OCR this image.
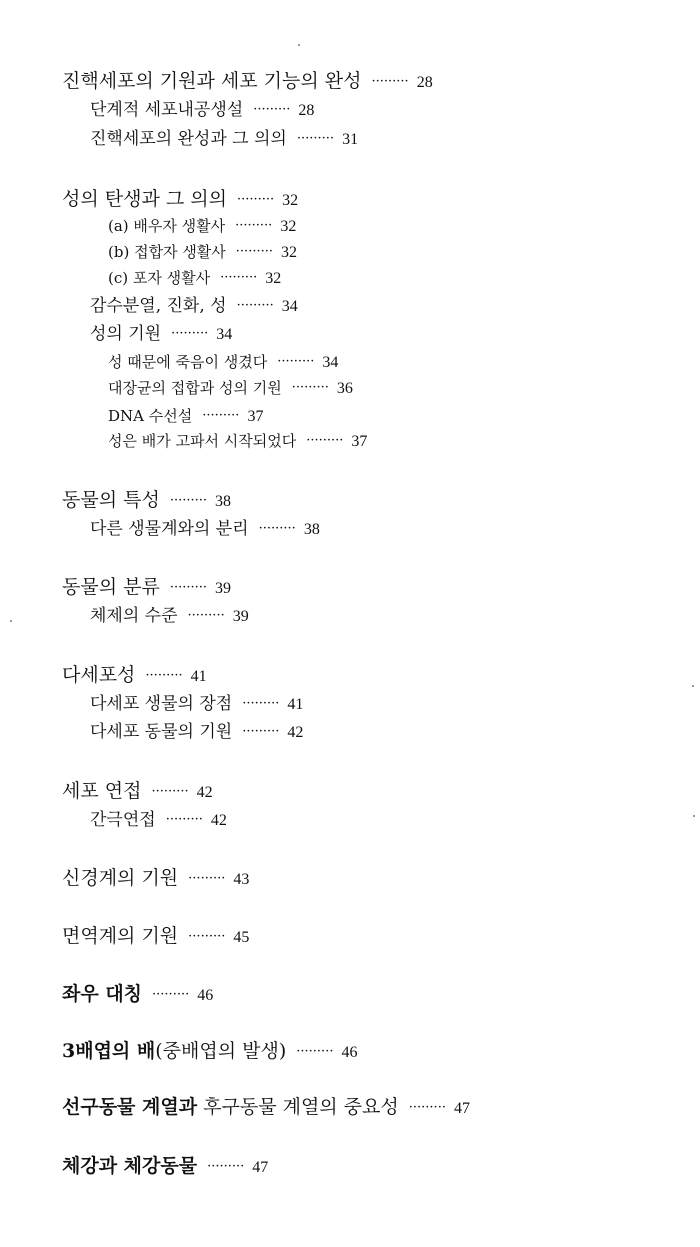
진핵세포의 기원과 세포 기능의 완성 ········· 28
단계적 세포내공생설 ········· 28
진핵세포의 완성과 그 의의 ········· 31
성의 탄생과 그 의의 ········· 32
(a) 배우자 생활사 ········· 32
(b) 접합자 생활사 ········· 32
(c) 포자 생활사 ········· 32
감수분열, 진화, 성 ········· 34
성의 기원 ········· 34
성 때문에 죽음이 생겼다 ········· 34
대장균의 접합과 성의 기원 ········· 36
DNA 수선설 ········· 37
성은 배가 고파서 시작되었다 ········· 37
동물의 특성 ········· 38
다른 생물계와의 분리 ········· 38
동물의 분류 ········· 39
체제의 수준 ········· 39
다세포성 ········· 41
다세포 생물의 장점 ········· 41
다세포 동물의 기원 ········· 42
세포 연접 ········· 42
간극연접 ········· 42
신경계의 기원 ········· 43
면역계의 기원 ········· 45
좌우 대칭 ········· 46
3배엽의 배(중배엽의 발생) ········· 46
선구동물 계열과 후구동물 계열의 중요성 ········· 47
체강과 체강동물 ········· 47
